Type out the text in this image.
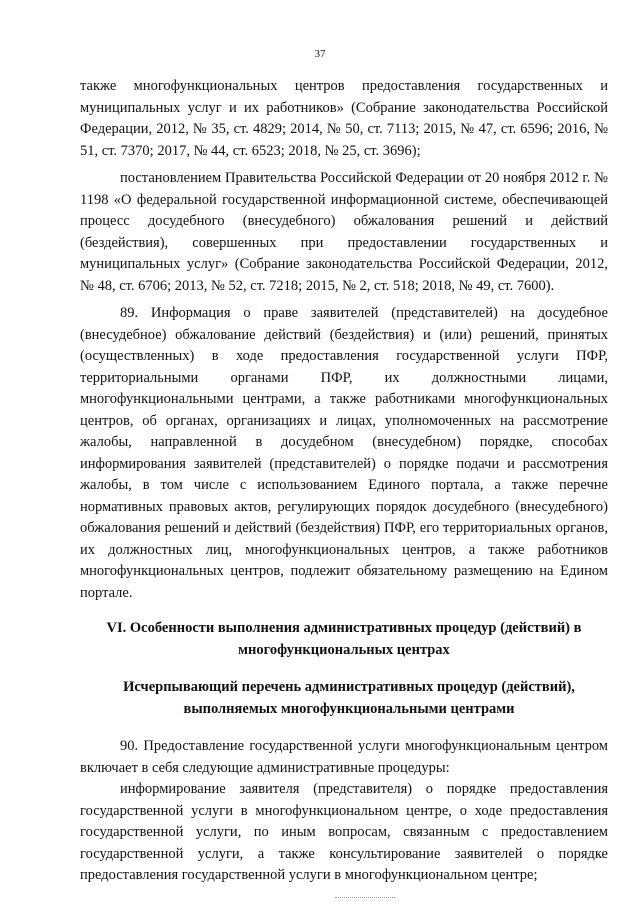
37

также многофункциональных центров предоставления государственных и муниципальных услуг и их работников» (Собрание законодательства Российской Федерации, 2012, № 35, ст. 4829; 2014, № 50, ст. 7113; 2015, № 47, ст. 6596; 2016, № 51, ст. 7370; 2017, № 44, ст. 6523; 2018, № 25, ст. 3696);

постановлением Правительства Российской Федерации от 20 ноября 2012 г. № 1198 «О федеральной государственной информационной системе, обеспечивающей процесс досудебного (внесудебного) обжалования решений и действий (бездействия), совершенных при предоставлении государственных и муниципальных услуг» (Собрание законодательства Российской Федерации, 2012, № 48, ст. 6706; 2013, № 52, ст. 7218; 2015, № 2, ст. 518; 2018, № 49, ст. 7600).

89. Информация о праве заявителей (представителей) на досудебное (внесудебное) обжалование действий (бездействия) и (или) решений, принятых (осуществленных) в ходе предоставления государственной услуги ПФР, территориальными органами ПФР, их должностными лицами, многофункциональными центрами, а также работниками многофункциональных центров, об органах, организациях и лицах, уполномоченных на рассмотрение жалобы, направленной в досудебном (внесудебном) порядке, способах информирования заявителей (представителей) о порядке подачи и рассмотрения жалобы, в том числе с использованием Единого портала, а также перечне нормативных правовых актов, регулирующих порядок досудебного (внесудебного) обжалования решений и действий (бездействия) ПФР, его территориальных органов, их должностных лиц, многофункциональных центров, а также работников многофункциональных центров, подлежит обязательному размещению на Едином портале.

VI. Особенности выполнения административных процедур (действий) в многофункциональных центрах

Исчерпывающий перечень административных процедур (действий), выполняемых многофункциональными центрами

90. Предоставление государственной услуги многофункциональным центром включает в себя следующие административные процедуры:

информирование заявителя (представителя) о порядке предоставления государственной услуги в многофункциональном центре, о ходе предоставления государственной услуги, по иным вопросам, связанным с предоставлением государственной услуги, а также консультирование заявителей о порядке предоставления государственной услуги в многофункциональном центре;
